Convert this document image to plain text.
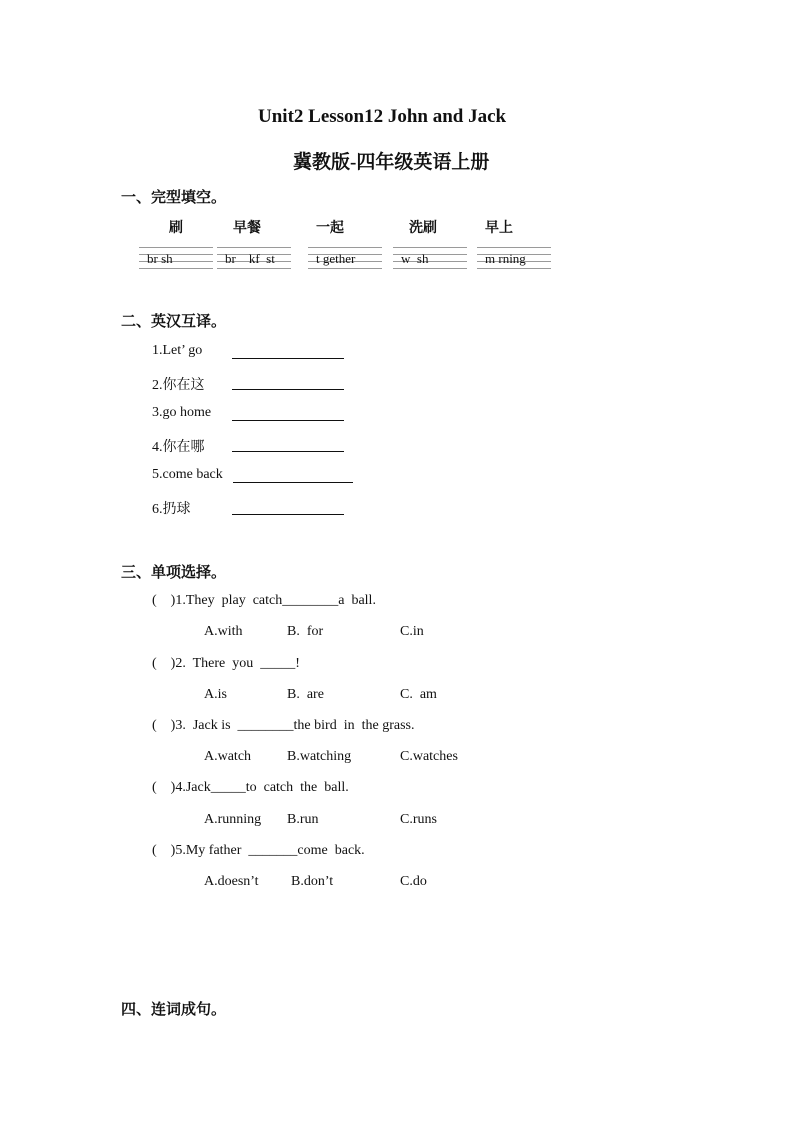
Unit2 Lesson12 John and Jack
冀教版-四年级英语上册
一、完型填空。
刷	早餐	一起	洗刷	早上
br sh	br    kf  st	t gether	w  sh	m rning
二、英汉互译。
1.Let’ go
2.你在这
3.go home
4.你在哪
5.come back
6.扔球
三、单项选择。
(    )1.They  play  catch________a  ball.
A.with	B.  for	C.in
(    )2.  There  you  _____!
A.is	B.  are	C.  am
(    )3.  Jack is  ________the bird  in  the grass.
A.watch	B.watching	C.watches
(    )4.Jack_____to  catch  the  ball.
A.running B.run	C.runs
(    )5.My father  _______come  back.
A.doesn’t B.don’t	C.do
四、连词成句。
